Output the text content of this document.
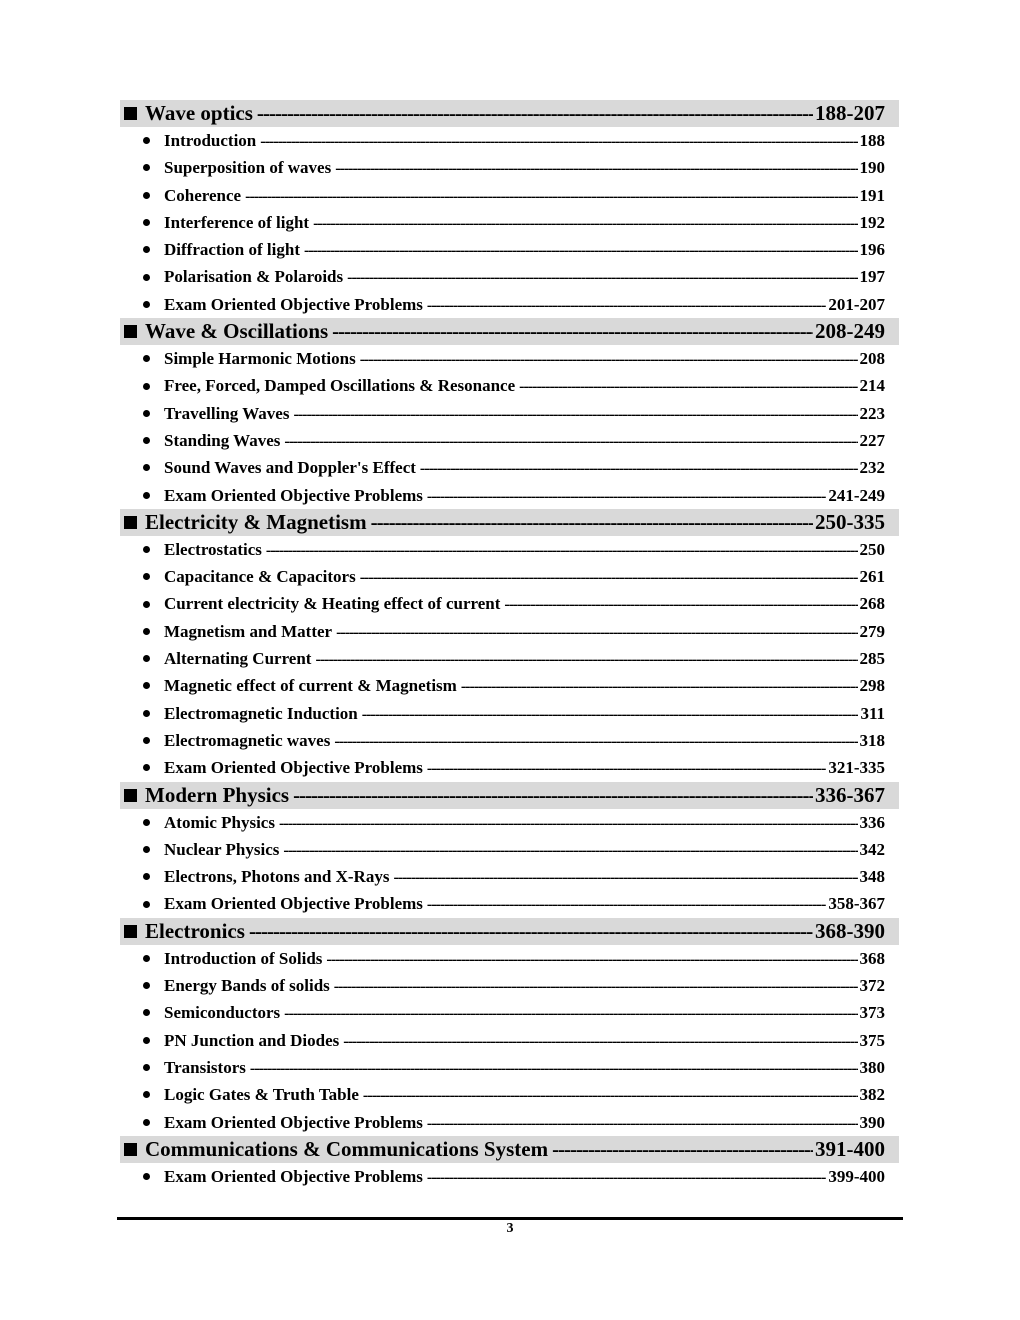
Wave optics -----	188-207
Introduction -----	188
Superposition of waves -----	190
Coherence -----	191
Interference of light -----	192
Diffraction of light -----	196
Polarisation & Polaroids -----	197
Exam Oriented Objective Problems -----	201-207
Wave & Oscillations -----	208-249
Simple Harmonic Motions -----	208
Free, Forced, Damped Oscillations & Resonance -----	214
Travelling Waves -----	223
Standing Waves -----	227
Sound Waves and Doppler's Effect -----	232
Exam Oriented Objective Problems -----	241-249
Electricity & Magnetism -----	250-335
Electrostatics -----	250
Capacitance & Capacitors -----	261
Current electricity & Heating effect of current -----	268
Magnetism and Matter -----	279
Alternating Current -----	285
Magnetic effect of current & Magnetism -----	298
Electromagnetic Induction -----	311
Electromagnetic waves -----	318
Exam Oriented Objective Problems -----	321-335
Modern Physics -----	336-367
Atomic Physics -----	336
Nuclear Physics -----	342
Electrons, Photons and X-Rays -----	348
Exam Oriented Objective Problems -----	358-367
Electronics -----	368-390
Introduction of Solids -----	368
Energy Bands of solids -----	372
Semiconductors -----	373
PN Junction and Diodes -----	375
Transistors -----	380
Logic Gates & Truth Table -----	382
Exam Oriented Objective Problems -----	390
Communications & Communications System -----	391-400
Exam Oriented Objective Problems -----	399-400
3
